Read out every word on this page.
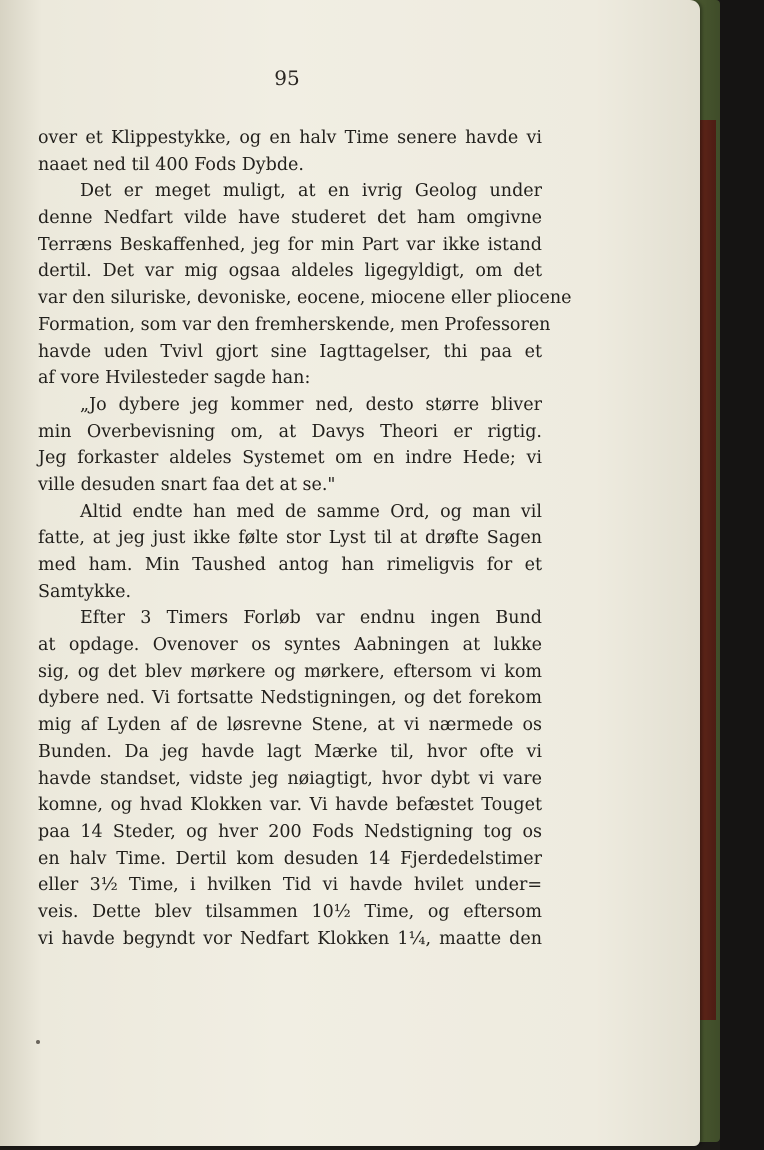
95
over et Klippestykke, og en halv Time senere havde vi
naaet ned til 400 Fods Dybde.
Det er meget muligt, at en ivrig Geolog under
denne Nedfart vilde have studeret det ham omgivne
Terræns Beskaffenhed, jeg for min Part var ikke istand
dertil. Det var mig ogsaa aldeles ligegyldigt, om det
var den siluriske, devoniske, eocene, miocene eller pliocene
Formation, som var den fremherskende, men Professoren
havde uden Tvivl gjort sine Iagttagelser, thi paa et
af vore Hvilesteder sagde han:
„Jo dybere jeg kommer ned, desto større bliver
min Overbevisning om, at Davys Theori er rigtig.
Jeg forkaster aldeles Systemet om en indre Hede; vi
ville desuden snart faa det at se."
Altid endte han med de samme Ord, og man vil
fatte, at jeg just ikke følte stor Lyst til at drøfte Sagen
med ham. Min Taushed antog han rimeligvis for et
Samtykke.
Efter 3 Timers Forløb var endnu ingen Bund
at opdage. Ovenover os syntes Aabningen at lukke
sig, og det blev mørkere og mørkere, eftersom vi kom
dybere ned. Vi fortsatte Nedstigningen, og det forekom
mig af Lyden af de løsrevne Stene, at vi nærmede os
Bunden. Da jeg havde lagt Mærke til, hvor ofte vi
havde standset, vidste jeg nøiagtigt, hvor dybt vi vare
komne, og hvad Klokken var. Vi havde befæstet Touget
paa 14 Steder, og hver 200 Fods Nedstigning tog os
en halv Time. Dertil kom desuden 14 Fjerdedelstimer
eller 3½ Time, i hvilken Tid vi havde hvilet under=
veis. Dette blev tilsammen 10½ Time, og eftersom
vi havde begyndt vor Nedfart Klokken 1¼, maatte den
